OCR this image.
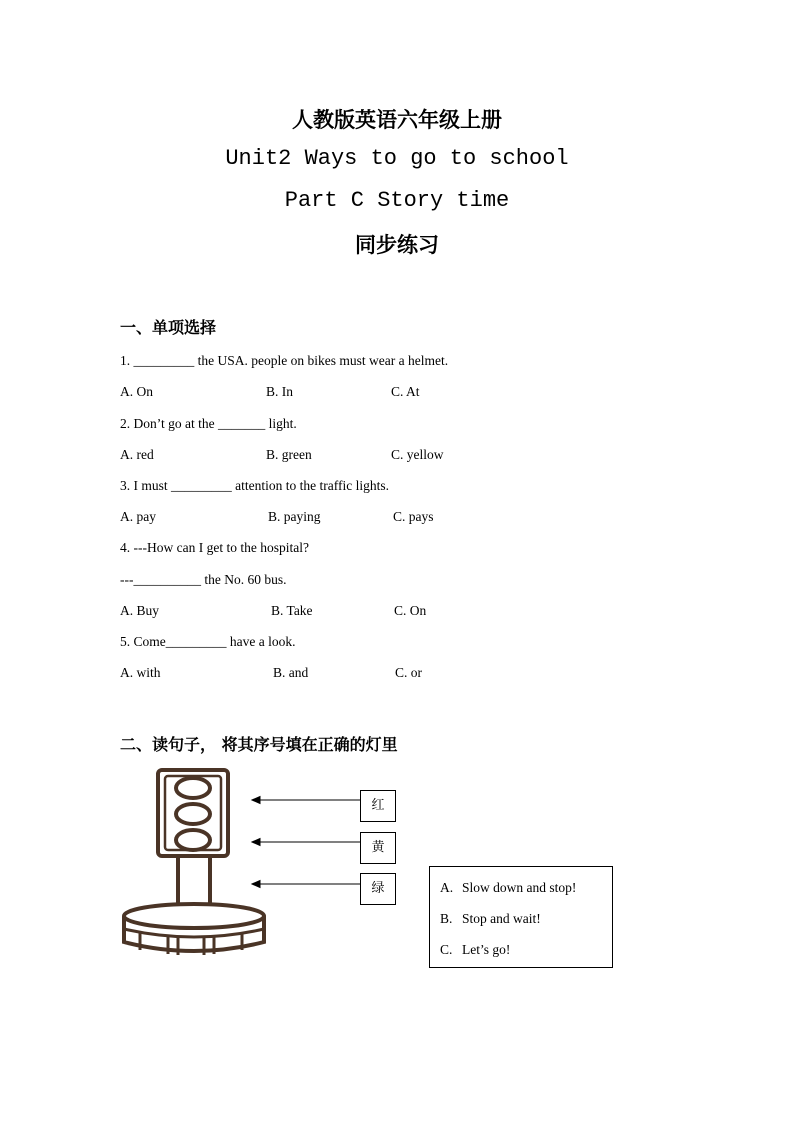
人教版英语六年级上册
Unit2 Ways to go to school
Part C Story time
同步练习
一、单项选择
1. _________ the USA. people on bikes must wear a helmet.
A. On	B. In	C. At
2. Don’t go at the _______ light.
A. red	B. green	C. yellow
3. I must _________ attention to the traffic lights.
A. pay	B. paying	C. pays
4. ---How can I get to the hospital?
---__________ the No. 60 bus.
A. Buy	B. Take	C. On
5. Come_________ have a look.
A. with	B. and	C. or
二、读句子， 将其序号填在正确的灯里
红
黄
绿	A. Slow down and stop!
B. Stop and wait!
C. Let’s go!
